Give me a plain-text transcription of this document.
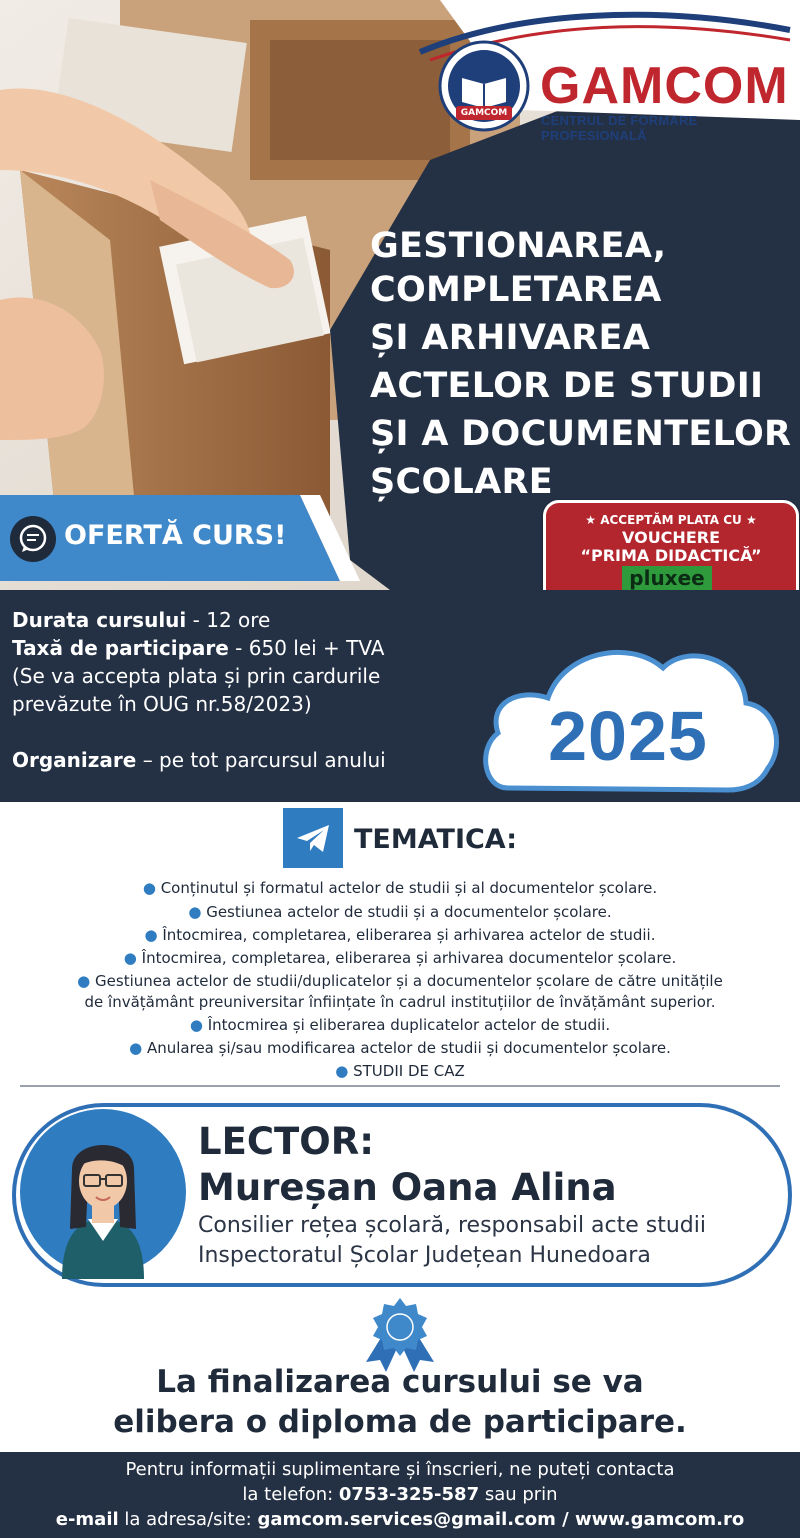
GAMCOM GAMCOM
CENTRUL DE FORMARE PROFESIONALĂ
GESTIONAREA,
COMPLETAREA
ȘI ARHIVAREA
ACTELOR DE STUDII
ȘI A DOCUMENTELOR
ȘCOLARE
OFERTĂ CURS!	★ ACCEPTĂM PLATA CU ★
VOUCHERE
“PRIMA DIDACTICĂ”
pluxee
Durata cursului - 12 ore
Taxă de participare - 650 lei + TVA
(Se va accepta plata și prin cardurile
prevăzute în OUG nr.58/2023)
Organizare – pe tot parcursul anului	2025
TEMATICA:
● Conținutul și formatul actelor de studii și al documentelor școlare.
● Gestiunea actelor de studii și a documentelor școlare.
● Întocmirea, completarea, eliberarea și arhivarea actelor de studii.
● Întocmirea, completarea, eliberarea și arhivarea documentelor școlare.
● Gestiunea actelor de studii/duplicatelor și a documentelor școlare de către unitățile
de învățământ preuniversitar înființate în cadrul instituțiilor de învățământ superior.
● Întocmirea și eliberarea duplicatelor actelor de studii.
● Anularea și/sau modificarea actelor de studii și documentelor școlare.
● STUDII DE CAZ
LECTOR:
Mureșan Oana Alina
Consilier rețea școlară, responsabil acte studii
Inspectoratul Școlar Județean Hunedoara
La finalizarea cursului se va
elibera o diploma de participare.
Pentru informații suplimentare și înscrieri, ne puteți contacta
la telefon: 0753-325-587 sau prin
e-mail la adresa/site: gamcom.services@gmail.com / www.gamcom.ro
